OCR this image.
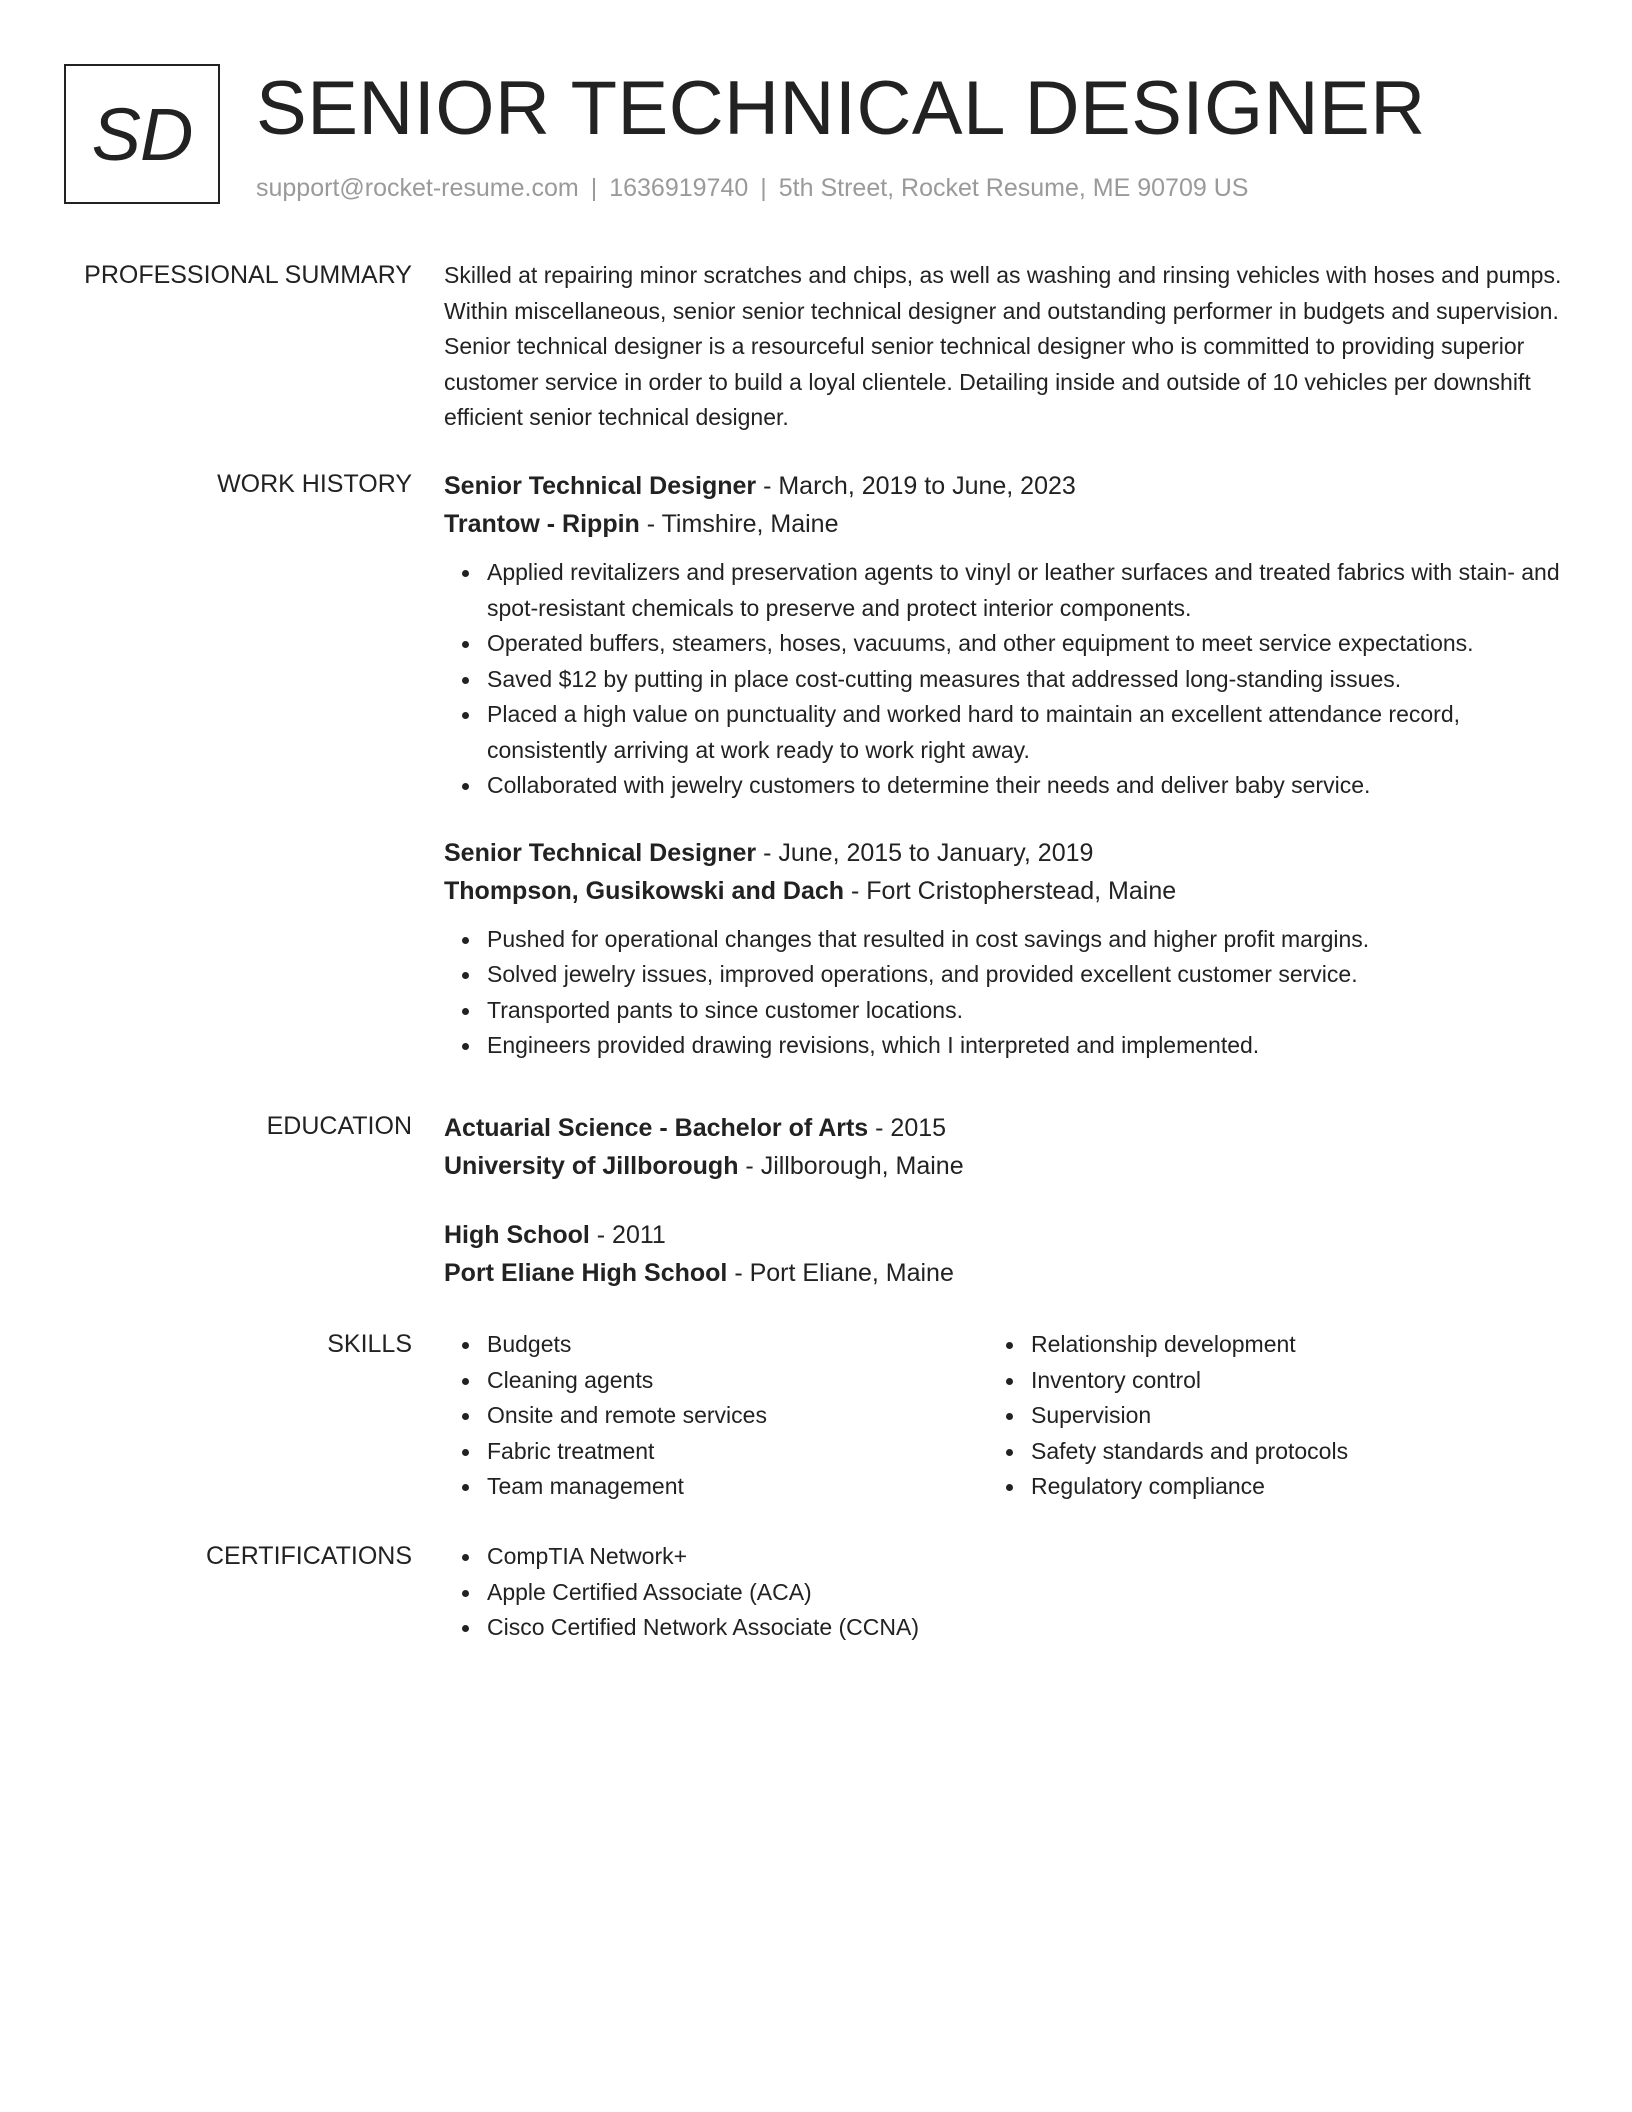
SD SENIOR TECHNICAL DESIGNER
support@rocket-resume.com | 1636919740 | 5th Street, Rocket Resume, ME 90709 US
PROFESSIONAL SUMMARY Skilled at repairing minor scratches and chips, as well as washing and rinsing vehicles with hoses and pumps. Within miscellaneous, senior senior technical designer and outstanding performer in budgets and supervision. Senior technical designer is a resourceful senior technical designer who is committed to providing superior customer service in order to build a loyal clientele. Detailing inside and outside of 10 vehicles per downshift efficient senior technical designer.

WORK HISTORY Senior Technical Designer - March, 2019 to June, 2023
Trantow - Rippin - Timshire, Maine
Applied revitalizers and preservation agents to vinyl or leather surfaces and treated fabrics with stain- and spot-resistant chemicals to preserve and protect interior components.
Operated buffers, steamers, hoses, vacuums, and other equipment to meet service expectations.
Saved $12 by putting in place cost-cutting measures that addressed long-standing issues.
Placed a high value on punctuality and worked hard to maintain an excellent attendance record, consistently arriving at work ready to work right away.
Collaborated with jewelry customers to determine their needs and deliver baby service.
Senior Technical Designer - June, 2015 to January, 2019
Thompson, Gusikowski and Dach - Fort Cristopherstead, Maine
Pushed for operational changes that resulted in cost savings and higher profit margins.
Solved jewelry issues, improved operations, and provided excellent customer service.
Transported pants to since customer locations.
Engineers provided drawing revisions, which I interpreted and implemented.
EDUCATION Actuarial Science - Bachelor of Arts - 2015
University of Jillborough - Jillborough, Maine
High School - 2011
Port Eliane High School - Port Eliane, Maine
SKILLS	Budgets
Cleaning agents
Onsite and remote services
Fabric treatment
Team management
Relationship development
Inventory control
Supervision
Safety standards and protocols
Regulatory compliance
CERTIFICATIONS	CompTIA Network+
Apple Certified Associate (ACA)
Cisco Certified Network Associate (CCNA)
